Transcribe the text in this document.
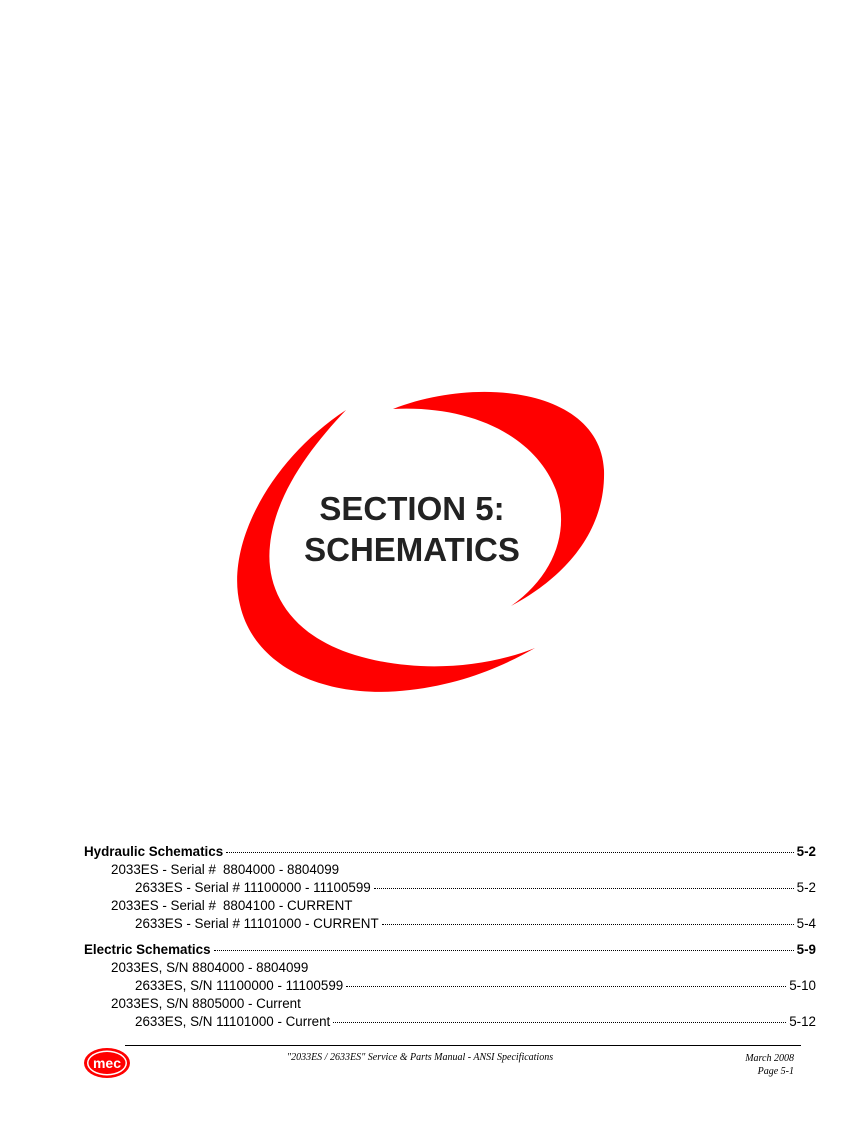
SECTION 5:
SCHEMATICS
Hydraulic Schematics	5-2
2033ES - Serial # 8804000 - 8804099
2633ES - Serial # 11100000 - 11100599	5-2
2033ES - Serial # 8804100 - CURRENT
2633ES - Serial # 11101000 - CURRENT	5-4
Electric Schematics	5-9
2033ES, S/N 8804000 - 8804099
2633ES, S/N 11100000 - 11100599	5-10
2033ES, S/N 8805000 - Current
2633ES, S/N 11101000 - Current	5-12
mec	"2033ES / 2633ES" Service & Parts Manual - ANSI Specifications	March 2008
Page 5-1
